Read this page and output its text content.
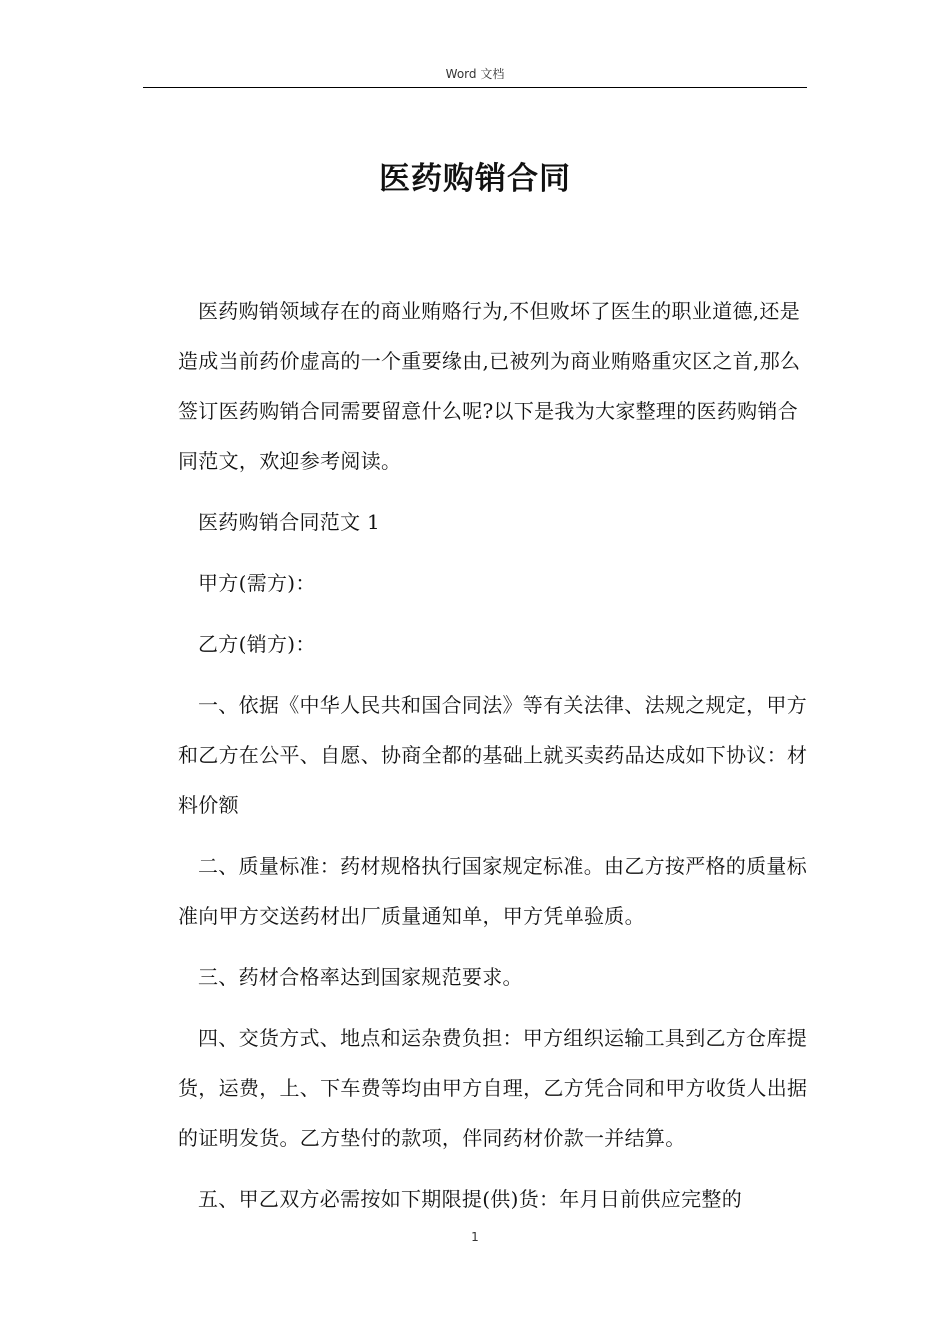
Word 文档
医药购销合同

医药购销领域存在的商业贿赂行为,不但败坏了医生的职业道德,还是造成当前药价虚高的一个重要缘由,已被列为商业贿赂重灾区之首,那么签订医药购销合同需要留意什么呢?以下是我为大家整理的医药购销合同范文，欢迎参考阅读。

医药购销合同范文 1

甲方(需方)：

乙方(销方)：

一、依据《中华人民共和国合同法》等有关法律、法规之规定，甲方和乙方在公平、自愿、协商全都的基础上就买卖药品达成如下协议：材料价额

二、质量标准：药材规格执行国家规定标准。由乙方按严格的质量标准向甲方交送药材出厂质量通知单，甲方凭单验质。

三、药材合格率达到国家规范要求。

四、交货方式、地点和运杂费负担：甲方组织运输工具到乙方仓库提货，运费，上、下车费等均由甲方自理，乙方凭合同和甲方收货人出据的证明发货。乙方垫付的款项，伴同药材价款一并结算。

五、甲乙双方必需按如下期限提(供)货：年月日前供应完整的

1
